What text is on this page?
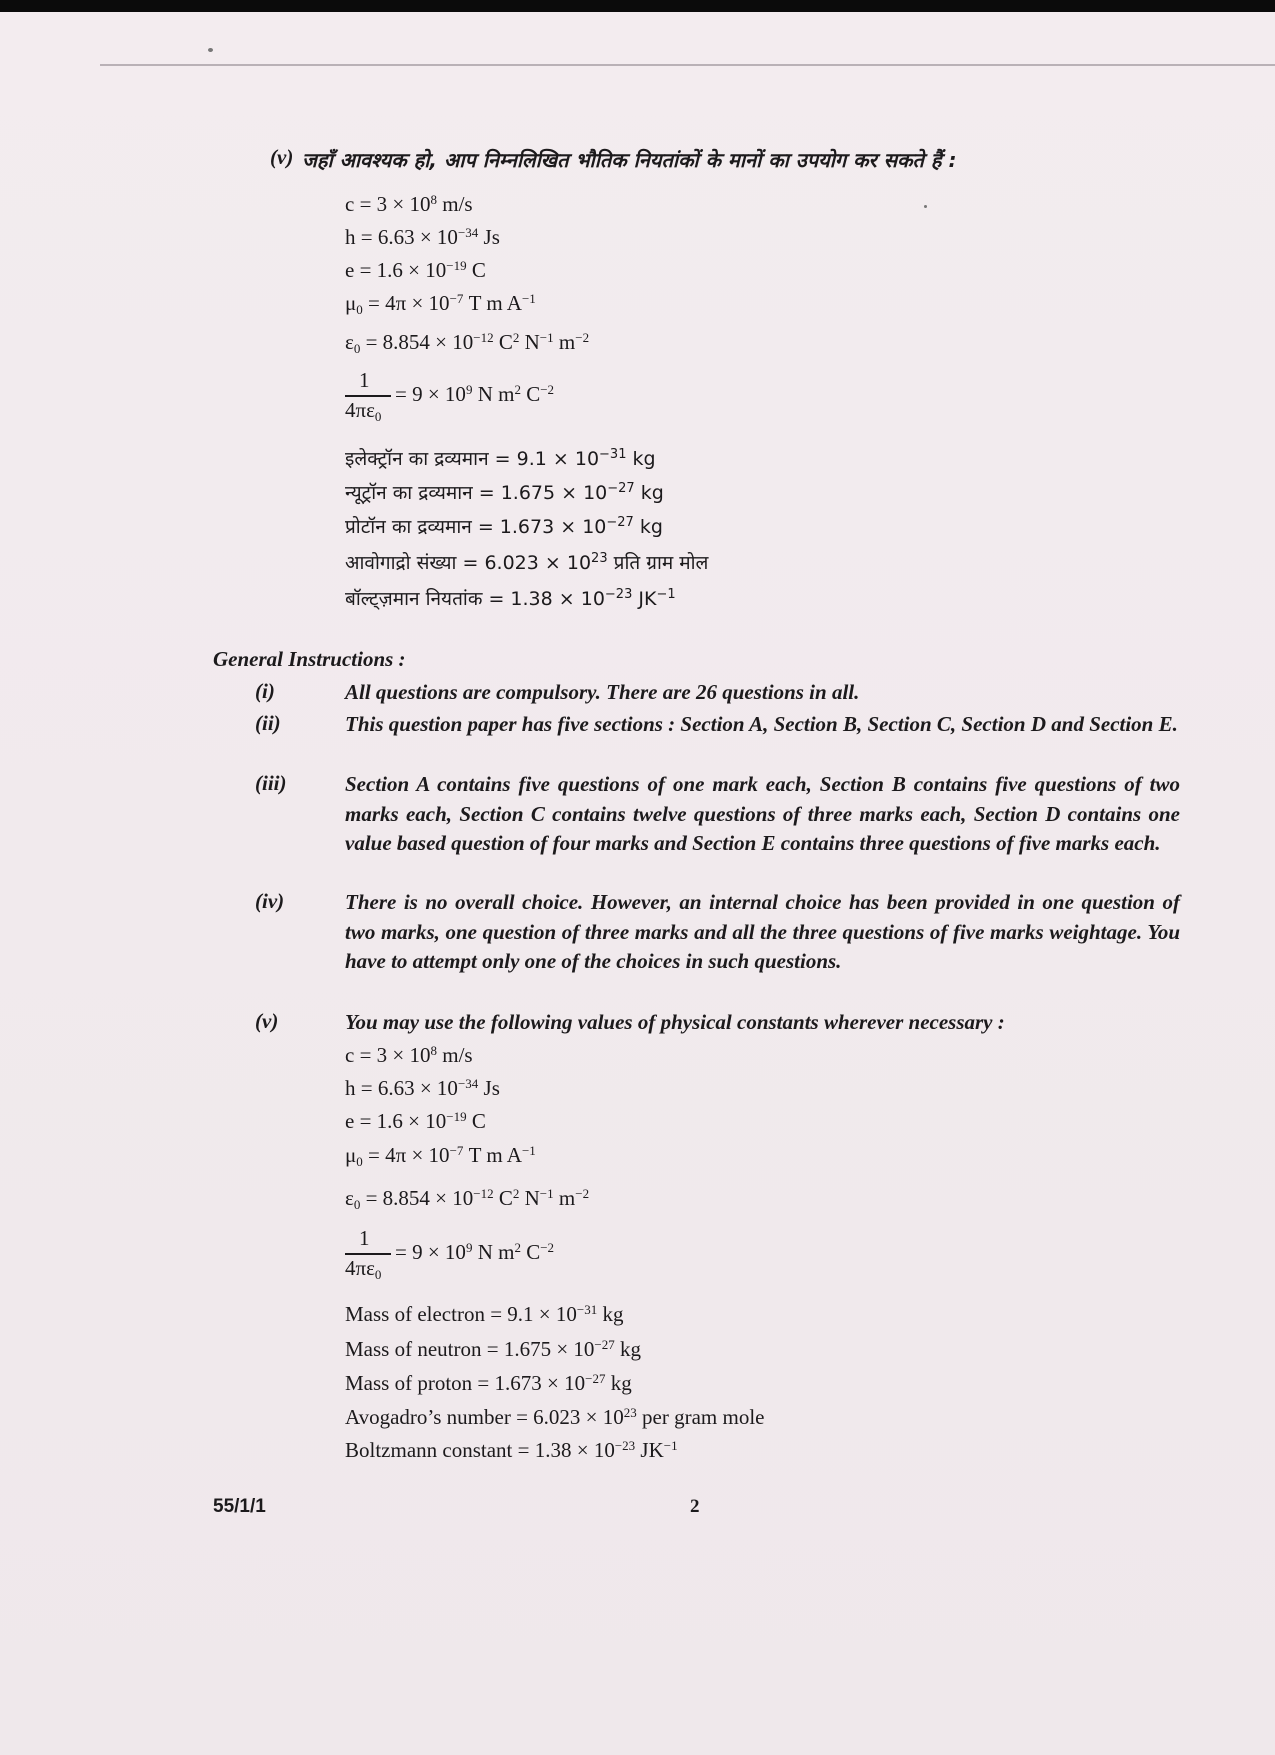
(v) जहाँ आवश्यक हो, आप निम्नलिखित भौतिक नियतांकों के मानों का उपयोग कर सकते हैं :
$c = 3 \times 10^8$ m/s
$h = 6.63 \times 10^{-34}$ Js
$e = 1.6 \times 10^{-19}$ C
$\mu_0 = 4\pi \times 10^{-7}$ T m $A^{-1}$
$\varepsilon_0 = 8.854 \times 10^{-12}$ $C^2$ $N^{-1}$ $m^{-2}$
1
$4\pi\varepsilon_0$
= $9 \times 10^9$ N $m^2$ $C^{-2}$
इलेक्ट्रॉन का द्रव्यमान = $9.1 \times 10^{-31}$ kg
न्यूट्रॉन का द्रव्यमान = $1.675 \times 10^{-27}$ kg
प्रोटॉन का द्रव्यमान = $1.673 \times 10^{-27}$ kg
आवोगाद्रो संख्या = $6.023 \times 10^{23}$ प्रति ग्राम मोल
बॉल्ट्ज़मान नियतांक = $1.38 \times 10^{-23}$ $JK^{-1}$
General Instructions :
(i)	All questions are compulsory. There are 26 questions in all.
(ii)	This question paper has five sections : Section A, Section B, Section C, Section D and Section E.
(iii)	Section A contains five questions of one mark each, Section B contains five questions of two marks each, Section C contains twelve questions of three marks each, Section D contains one value based question of four marks and Section E contains three questions of five marks each.
(iv)	There is no overall choice. However, an internal choice has been provided in one question of two marks, one question of three marks and all the three questions of five marks weightage. You have to attempt only one of the choices in such questions.
(v)	You may use the following values of physical constants wherever necessary :
$c = 3 \times 10^8$ m/s
$h = 6.63 \times 10^{-34}$ Js
$e = 1.6 \times 10^{-19}$ C
$\mu_0 = 4\pi \times 10^{-7}$ T m $A^{-1}$
$\varepsilon_0 = 8.854 \times 10^{-12}$ $C^2$ $N^{-1}$ $m^{-2}$
1
$4\pi\varepsilon_0$
= $9 \times 10^9$ N $m^2$ $C^{-2}$
Mass of electron = $9.1 \times 10^{-31}$ kg
Mass of neutron = $1.675 \times 10^{-27}$ kg
Mass of proton = $1.673 \times 10^{-27}$ kg
Avogadro’s number = $6.023 \times 10^{23}$ per gram mole
Boltzmann constant = $1.38 \times 10^{-23}$ $JK^{-1}$
55/1/1	2
